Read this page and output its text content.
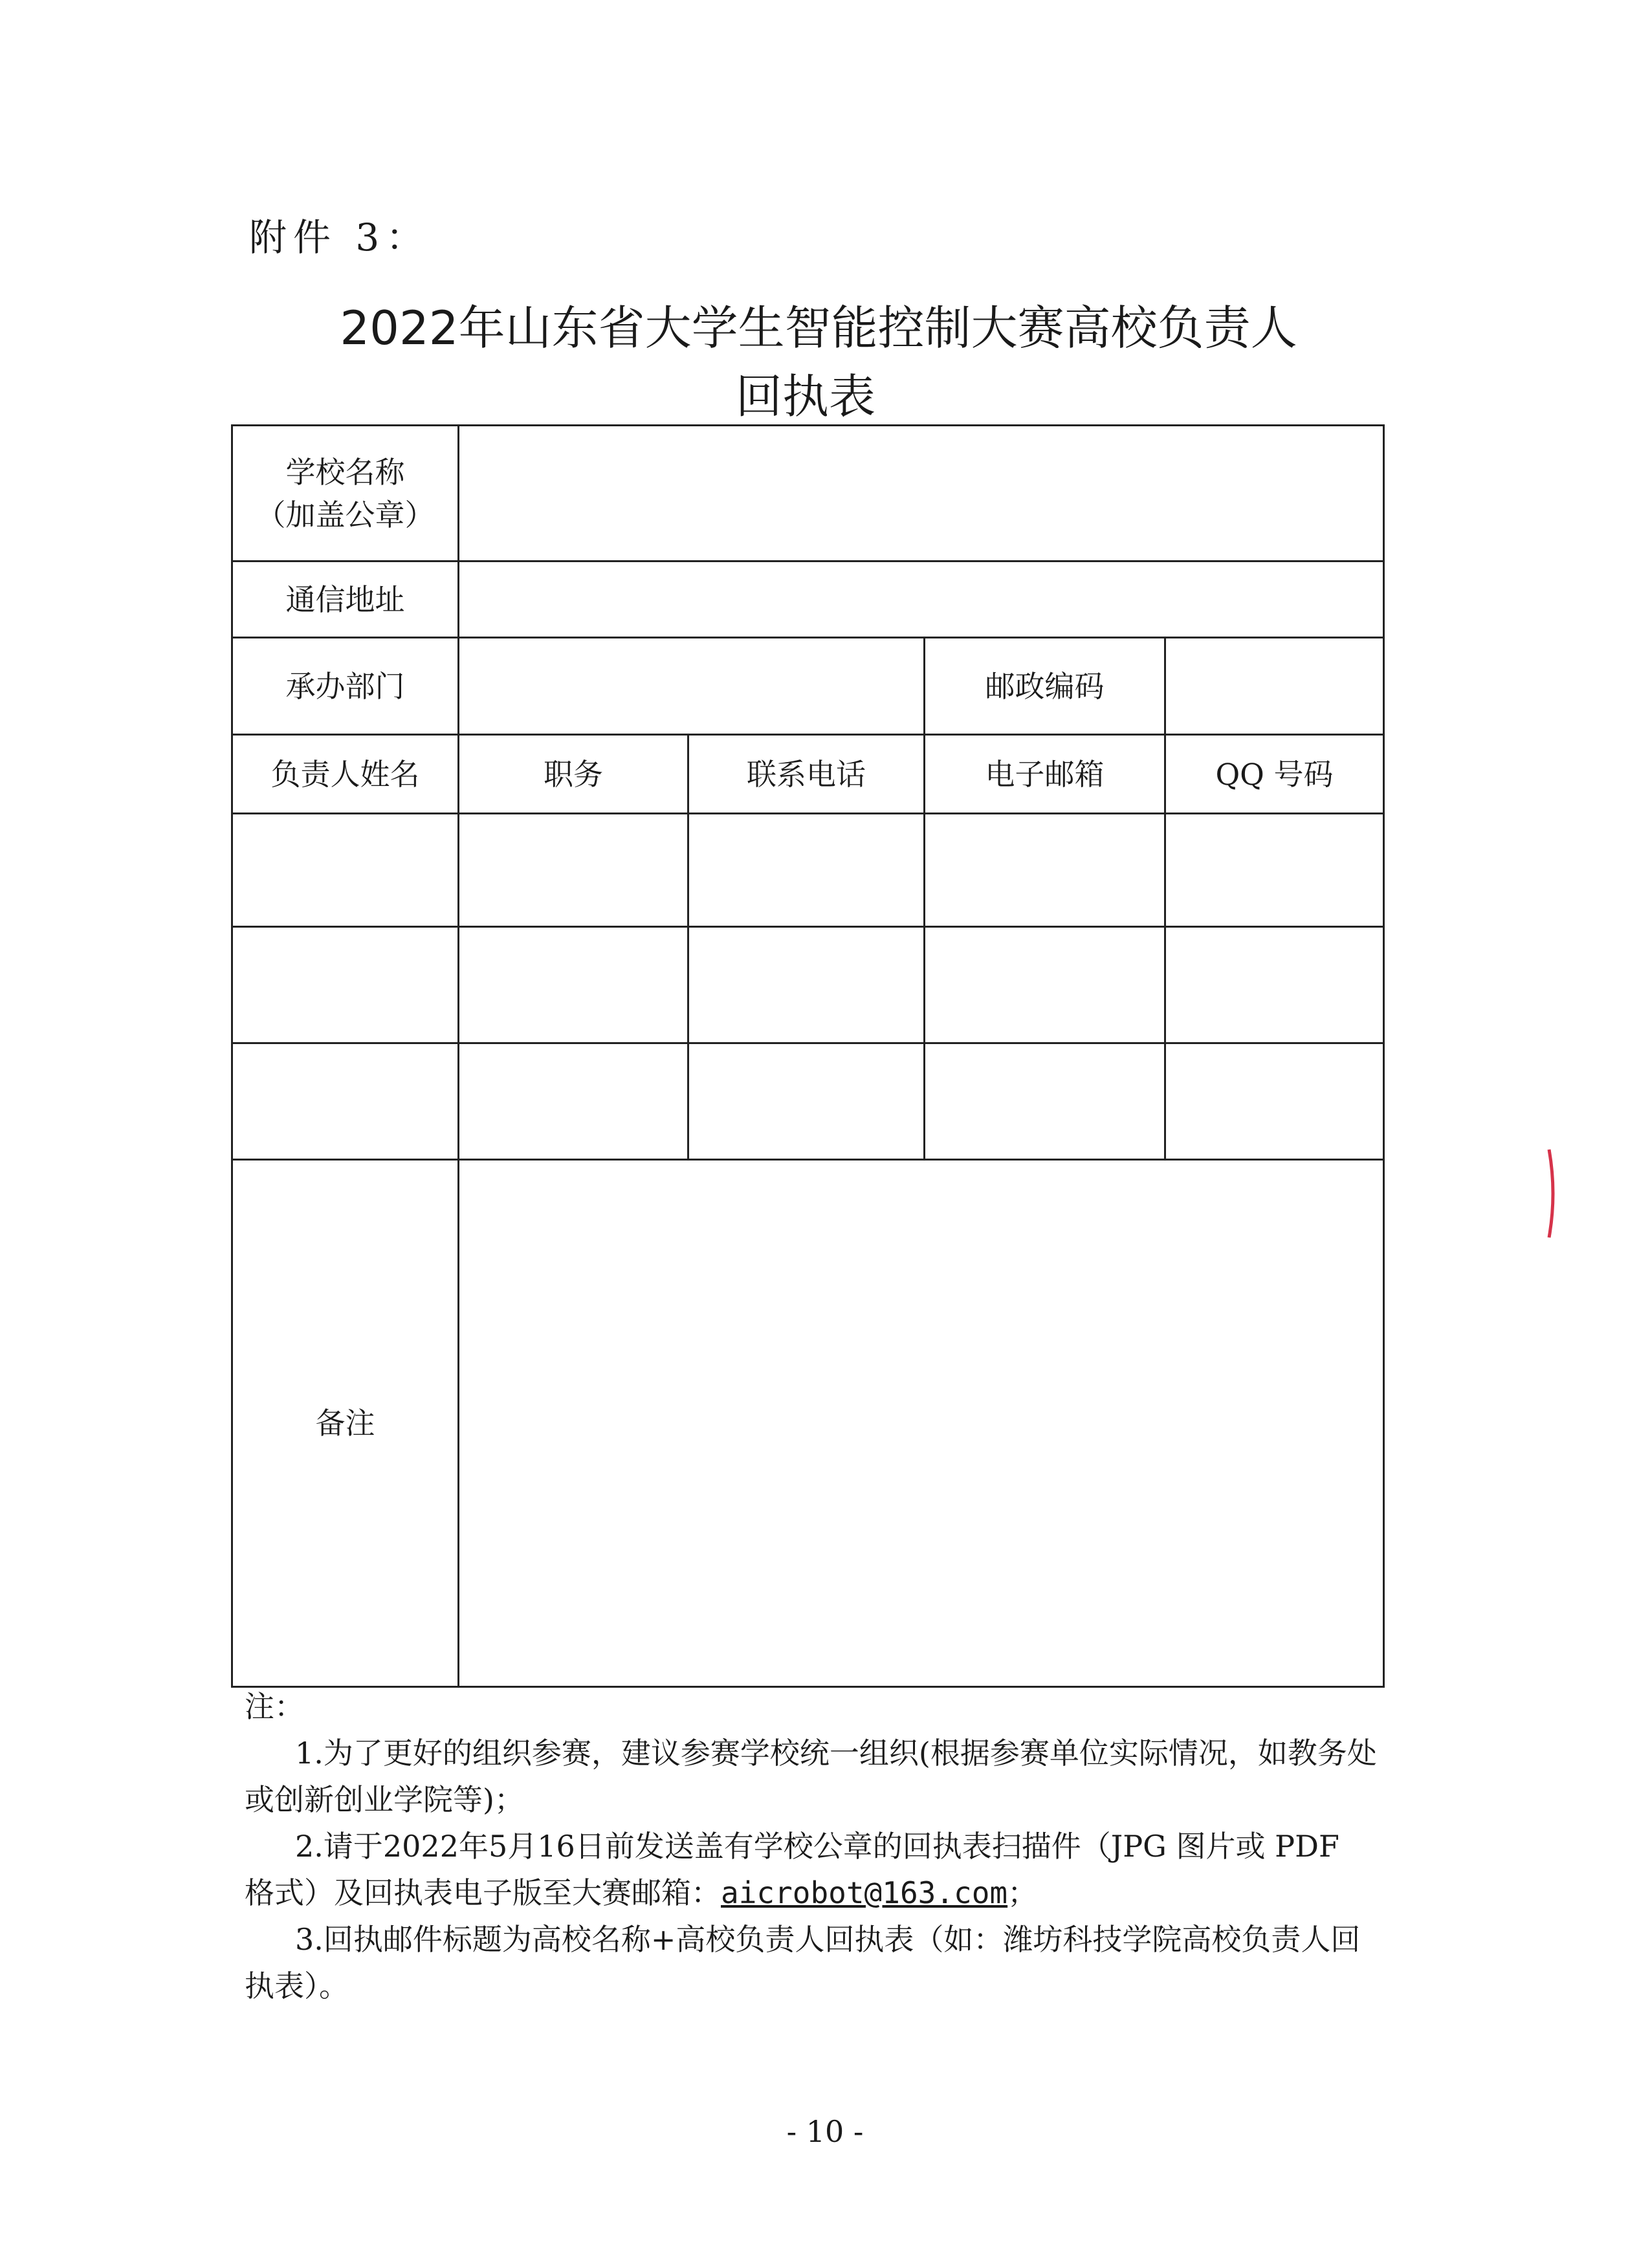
附件 3：
2022年山东省大学生智能控制大赛高校负责人
回执表
学校名称
（加盖公章）				

通信地址				
承办部门			邮政编码	
负责人姓名	职务	联系电话	电子邮箱	QQ 号码

备注				

注：

1.为了更好的组织参赛，建议参赛学校统一组织(根据参赛单位实际情况，如教务处或创新创业学院等)；

2.请于2022年5月16日前发送盖有学校公章的回执表扫描件（JPG 图片或 PDF 格式）及回执表电子版至大赛邮箱：aicrobot@163.com；

3.回执邮件标题为高校名称+高校负责人回执表（如：潍坊科技学院高校负责人回执表）。

- 10 -
